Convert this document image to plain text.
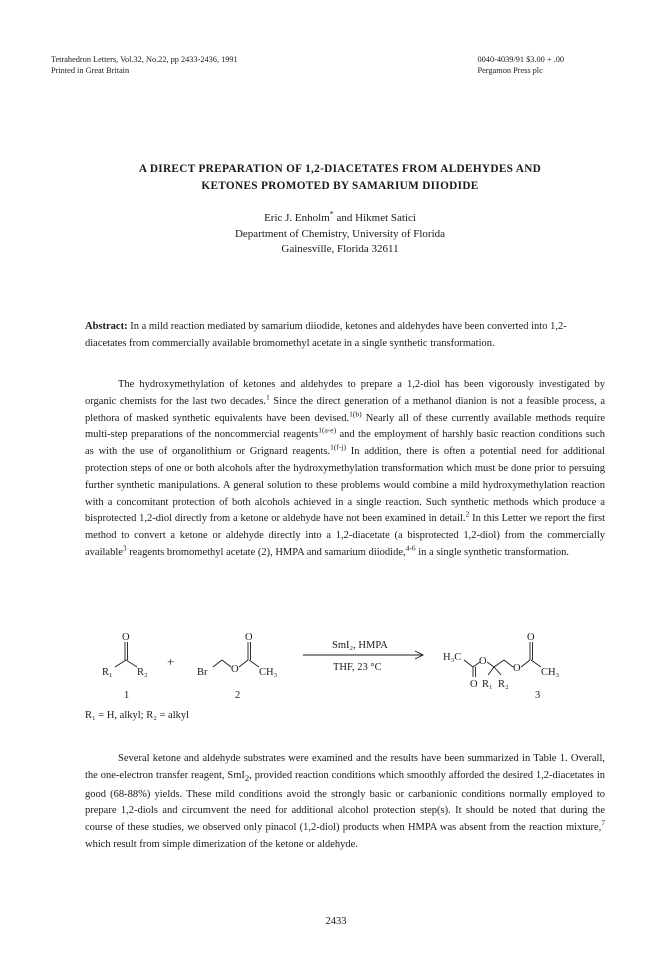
Tetrahedron Letters, Vol.32, No.22, pp 2433-2436, 1991
Printed in Great Britain
0040-4039/91 $3.00 + .00
Pergamon Press plc
A DIRECT PREPARATION OF 1,2-DIACETATES FROM ALDEHYDES AND
KETONES PROMOTED BY SAMARIUM DIIODIDE
Eric J. Enholm* and Hikmet Satici
Department of Chemistry, University of Florida
Gainesville, Florida 32611
Abstract: In a mild reaction mediated by samarium diiodide, ketones and aldehydes have been converted into 1,2-diacetates from commercially available bromomethyl acetate in a single synthetic transformation.

The hydroxymethylation of ketones and aldehydes to prepare a 1,2-diol has been vigorously investigated by organic chemists for the last two decades.$^1$ Since the direct generation of a methanol dianion is not a feasible process, a plethora of masked synthetic equivalents have been devised.$^{1(b)}$ Nearly all of these currently available methods require multi-step preparations of the noncommercial reagents$^{1(a-e)}$ and the employment of harshly basic reaction conditions such as with the use of organolithium or Grignard reagents.$^{1(f-j)}$ In addition, there is often a potential need for additional protection steps of one or both alcohols after the hydroxymethylation transformation which must be done prior to persuing further synthetic manipulations. A general solution to these problems would combine a mild hydroxymethylation reaction with a concomitant protection of both alcohols achieved in a single reaction. Such synthetic methods which produce a bisprotected 1,2-diol directly from a ketone or aldehyde have not been examined in detail.$^2$ In this Letter we report the first method to convert a ketone or aldehyde directly into a 1,2-diacetate (a bisprotected 1,2-diol) from the commercially available$^3$ reagents bromomethyl acetate (2), HMPA and samarium diiodide,$^{4-6}$ in a single synthetic transformation.

O
R₁ R₂
1
+
Br O
O
CH₃
2
SmI₂, HMPA
THF, 23 °C
H₃C O
O R₁ R₂
O
O
CH₃
3
R₁ = H, alkyl; R₂ = alkyl

Several ketone and aldehyde substrates were examined and the results have been summarized in Table 1. Overall, the one-electron transfer reagent, SmI$_2$, provided reaction conditions which smoothly afforded the desired 1,2-diacetates in good (68-88%) yields. These mild conditions avoid the strongly basic or carbanionic conditions normally employed to prepare 1,2-diols and circumvent the need for additional alcohol protection step(s). It should be noted that during the course of these studies, we observed only pinacol (1,2-diol) products when HMPA was absent from the reaction mixture,$^7$ which result from simple dimerization of the ketone or aldehyde.

2433
